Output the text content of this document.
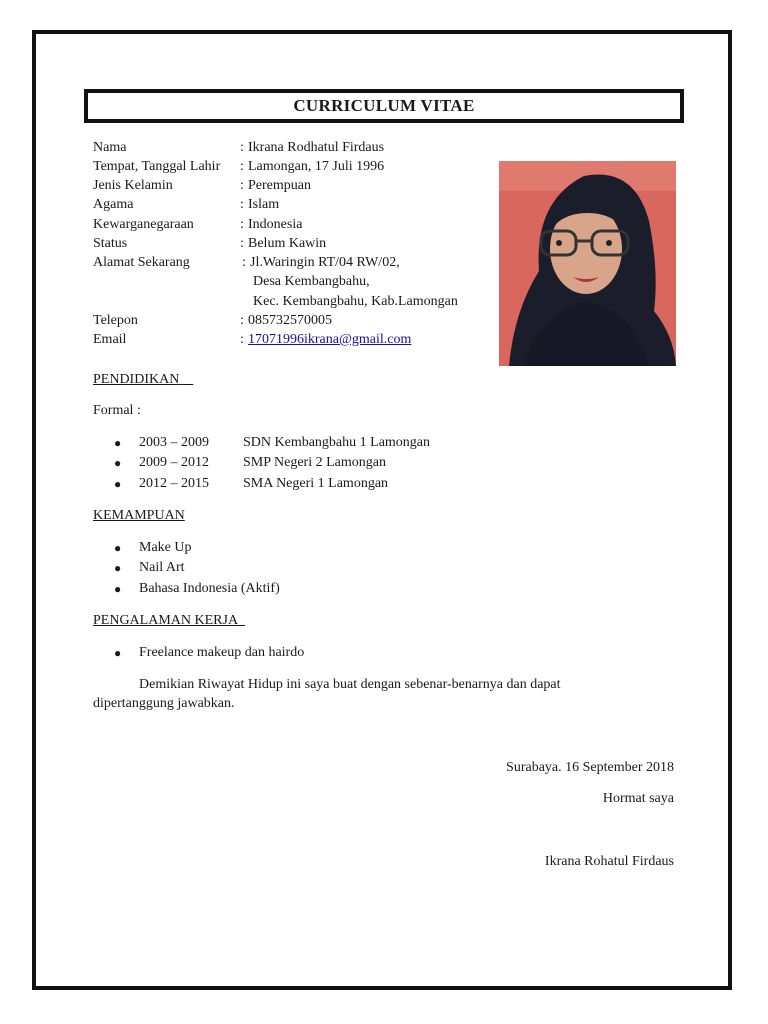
CURRICULUM VITAE
Nama	: Ikrana Rodhatul Firdaus
Tempat, Tanggal Lahir : Lamongan, 17 Juli 1996
Jenis Kelamin	: Perempuan
Agama	: Islam
Kewarganegaraan	: Indonesia
Status	: Belum Kawin
Alamat Sekarang	: Jl.Waringin RT/04 RW/02,
Desa Kembangbahu,
Kec. Kembangbahu, Kab.Lamongan
Telepon	: 085732570005
Email	: 17071996ikrana@gmail.com
PENDIDIKAN
Formal :
● 2003 – 2009 SDN Kembangbahu 1 Lamongan
● 2009 – 2012 SMP Negeri 2 Lamongan
● 2012 – 2015 SMA Negeri 1 Lamongan
KEMAMPUAN
● Make Up
● Nail Art
● Bahasa Indonesia (Aktif)
PENGALAMAN KERJA
● Freelance makeup dan hairdo
Demikian Riwayat Hidup ini saya buat dengan sebenar-benarnya dan dapat
dipertanggung jawabkan.
Surabaya. 16 September 2018
Hormat saya
Ikrana Rohatul Firdaus
